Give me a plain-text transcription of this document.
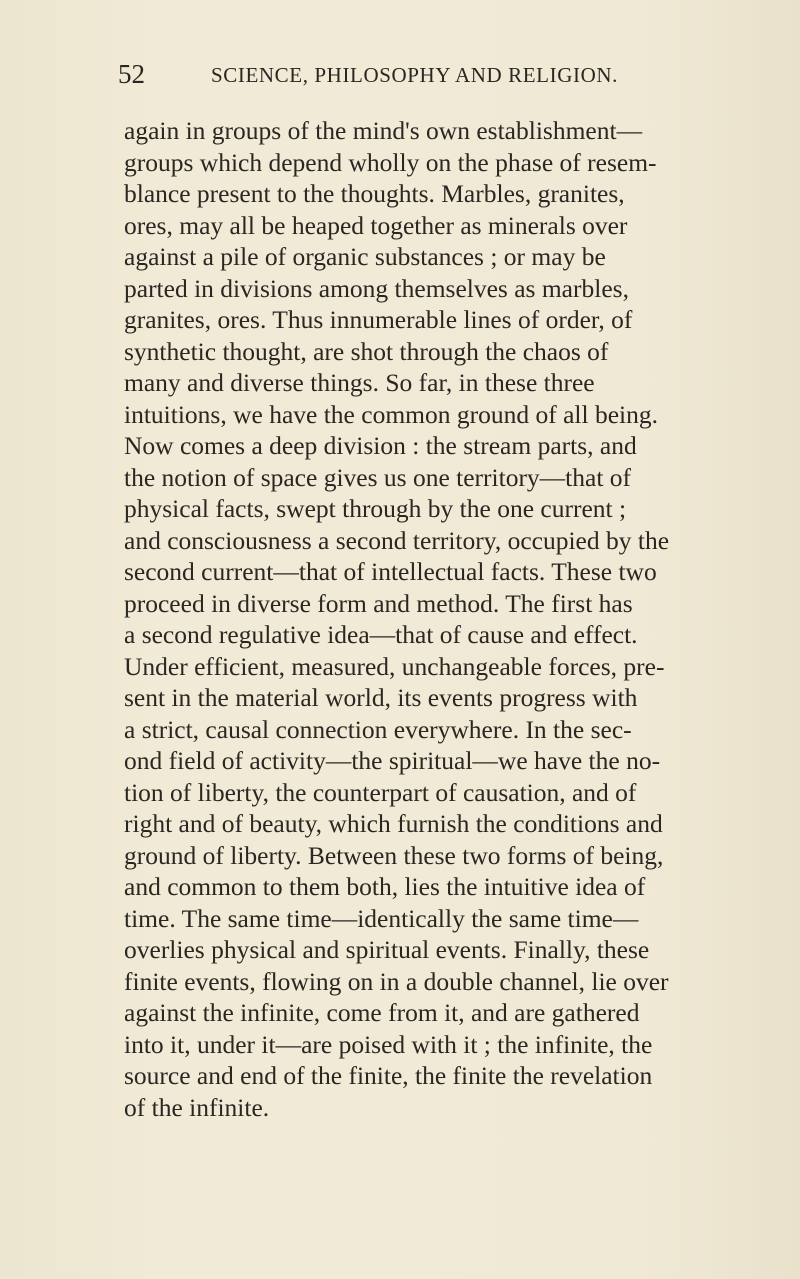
52	SCIENCE, PHILOSOPHY AND RELIGION.
again in groups of the mind's own establishment—
groups which depend wholly on the phase of resem-
blance present to the thoughts. Marbles, granites,
ores, may all be heaped together as minerals over
against a pile of organic substances ; or may be
parted in divisions among themselves as marbles,
granites, ores. Thus innumerable lines of order, of
synthetic thought, are shot through the chaos of
many and diverse things. So far, in these three
intuitions, we have the common ground of all being.
Now comes a deep division : the stream parts, and
the notion of space gives us one territory—that of
physical facts, swept through by the one current ;
and consciousness a second territory, occupied by the
second current—that of intellectual facts. These two
proceed in diverse form and method. The first has
a second regulative idea—that of cause and effect.
Under efficient, measured, unchangeable forces, pre-
sent in the material world, its events progress with
a strict, causal connection everywhere. In the sec-
ond field of activity—the spiritual—we have the no-
tion of liberty, the counterpart of causation, and of
right and of beauty, which furnish the conditions and
ground of liberty. Between these two forms of being,
and common to them both, lies the intuitive idea of
time. The same time—identically the same time—
overlies physical and spiritual events. Finally, these
finite events, flowing on in a double channel, lie over
against the infinite, come from it, and are gathered
into it, under it—are poised with it ; the infinite, the
source and end of the finite, the finite the revelation
of the infinite.
